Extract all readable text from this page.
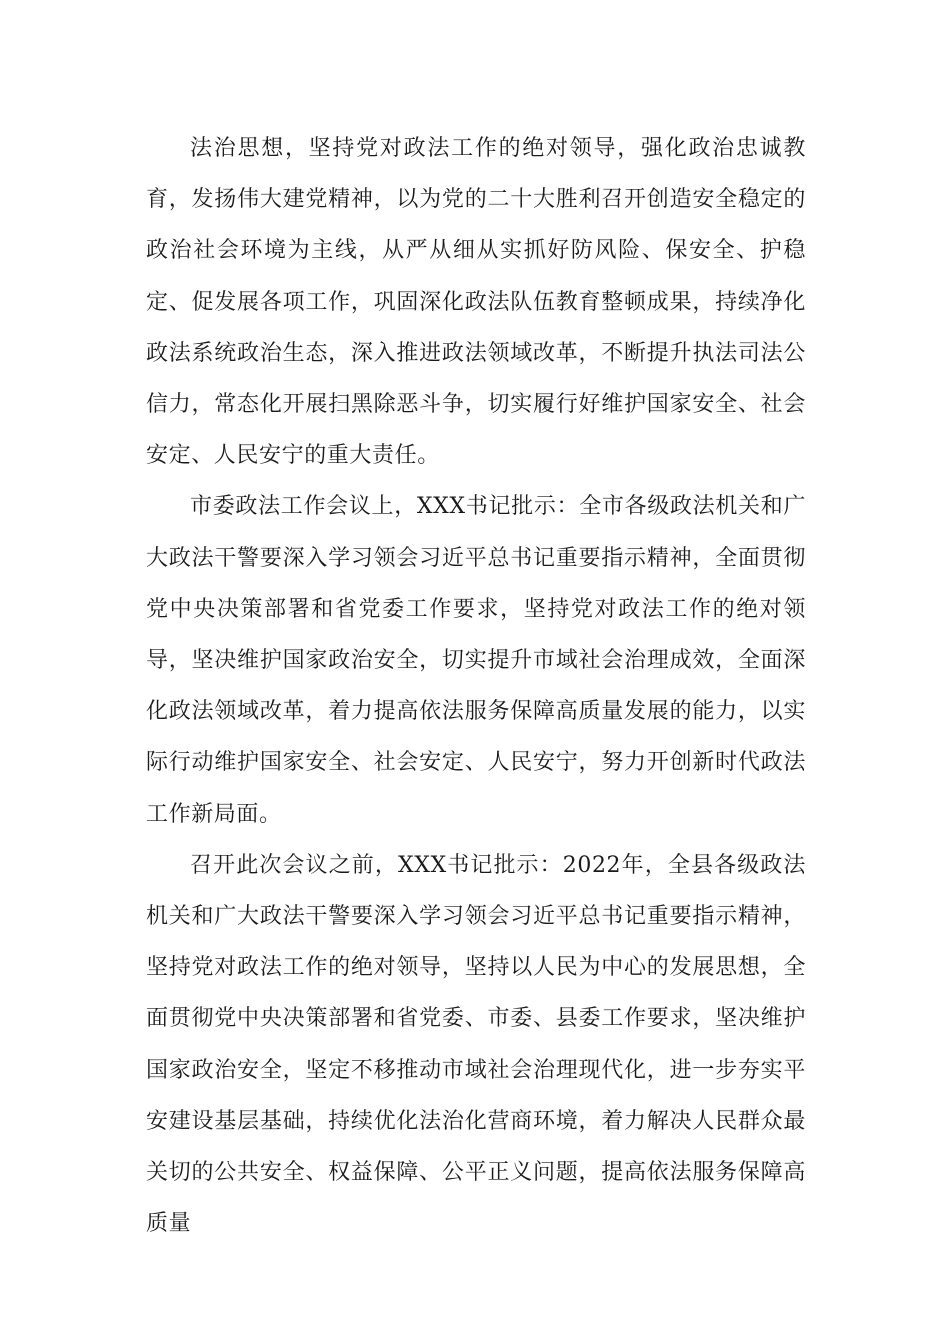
法治思想，坚持党对政法工作的绝对领导，强化政治忠诚教育，发扬伟大建党精神，以为党的二十大胜利召开创造安全稳定的政治社会环境为主线，从严从细从实抓好防风险、保安全、护稳定、促发展各项工作，巩固深化政法队伍教育整顿成果，持续净化政法系统政治生态，深入推进政法领域改革，不断提升执法司法公信力，常态化开展扫黑除恶斗争，切实履行好维护国家安全、社会安定、人民安宁的重大责任。

市委政法工作会议上，XXX书记批示：全市各级政法机关和广大政法干警要深入学习领会习近平总书记重要指示精神，全面贯彻党中央决策部署和省党委工作要求，坚持党对政法工作的绝对领导，坚决维护国家政治安全，切实提升市域社会治理成效，全面深化政法领域改革，着力提高依法服务保障高质量发展的能力，以实际行动维护国家安全、社会安定、人民安宁，努力开创新时代政法工作新局面。

召开此次会议之前，XXX书记批示：2022年，全县各级政法机关和广大政法干警要深入学习领会习近平总书记重要指示精神，坚持党对政法工作的绝对领导，坚持以人民为中心的发展思想，全面贯彻党中央决策部署和省党委、市委、县委工作要求，坚决维护国家政治安全，坚定不移推动市域社会治理现代化，进一步夯实平安建设基层基础，持续优化法治化营商环境，着力解决人民群众最关切的公共安全、权益保障、公平正义问题，提高依法服务保障高质量
